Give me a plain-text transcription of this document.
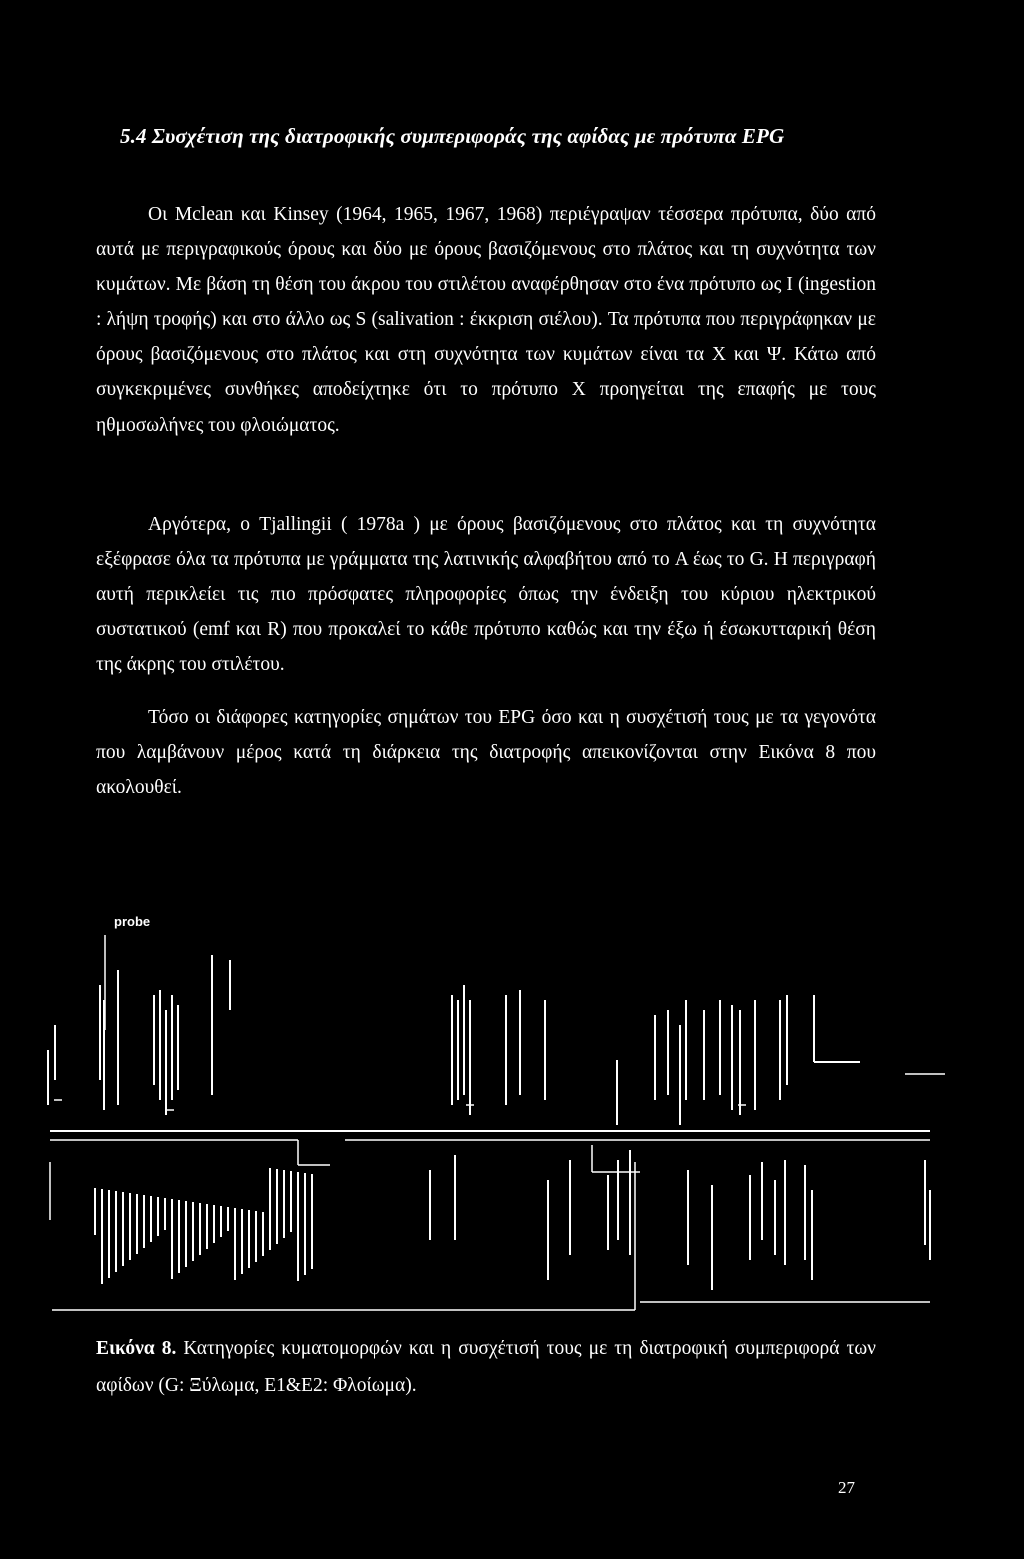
5.4 Συσχέτιση της διατροφικής συμπεριφοράς της αφίδας με πρότυπα EPG

Οι Mclean και Kinsey (1964, 1965, 1967, 1968) περιέγραψαν τέσσερα πρότυπα, δύο από αυτά με περιγραφικούς όρους και δύο με όρους βασιζόμενους στο πλάτος και τη συχνότητα των κυμάτων. Με βάση τη θέση του άκρου του στιλέτου αναφέρθησαν στο ένα πρότυπο ως I (ingestion : λήψη τροφής) και στο άλλο ως S (salivation : έκκριση σιέλου). Τα πρότυπα που περιγράφηκαν με όρους βασιζόμενους στο πλάτος και στη συχνότητα των κυμάτων είναι τα X και Ψ. Κάτω από συγκεκριμένες συνθήκες αποδείχτηκε ότι το πρότυπο X προηγείται της επαφής με τους ηθμοσωλήνες του φλοιώματος.

Αργότερα, ο Tjallingii ( 1978a ) με όρους βασιζόμενους στο πλάτος και τη συχνότητα εξέφρασε όλα τα πρότυπα με γράμματα της λατινικής αλφαβήτου από το A έως το G. Η περιγραφή αυτή περικλείει τις πιο πρόσφατες πληροφορίες όπως την ένδειξη του κύριου ηλεκτρικού συστατικού (emf και R) που προκαλεί το κάθε πρότυπο καθώς και την έξω ή έσωκυτταρική θέση της άκρης του στιλέτου.

Τόσο οι διάφορες κατηγορίες σημάτων του EPG όσο και η συσχέτισή τους με τα γεγονότα που λαμβάνουν μέρος κατά τη διάρκεια της διατροφής απεικονίζονται στην Εικόνα 8 που ακολουθεί.

probe

Εικόνα 8. Κατηγορίες κυματομορφών και η συσχέτισή τους με τη διατροφική συμπεριφορά των αφίδων (G: Ξύλωμα, E1&E2: Φλοίωμα).

27
